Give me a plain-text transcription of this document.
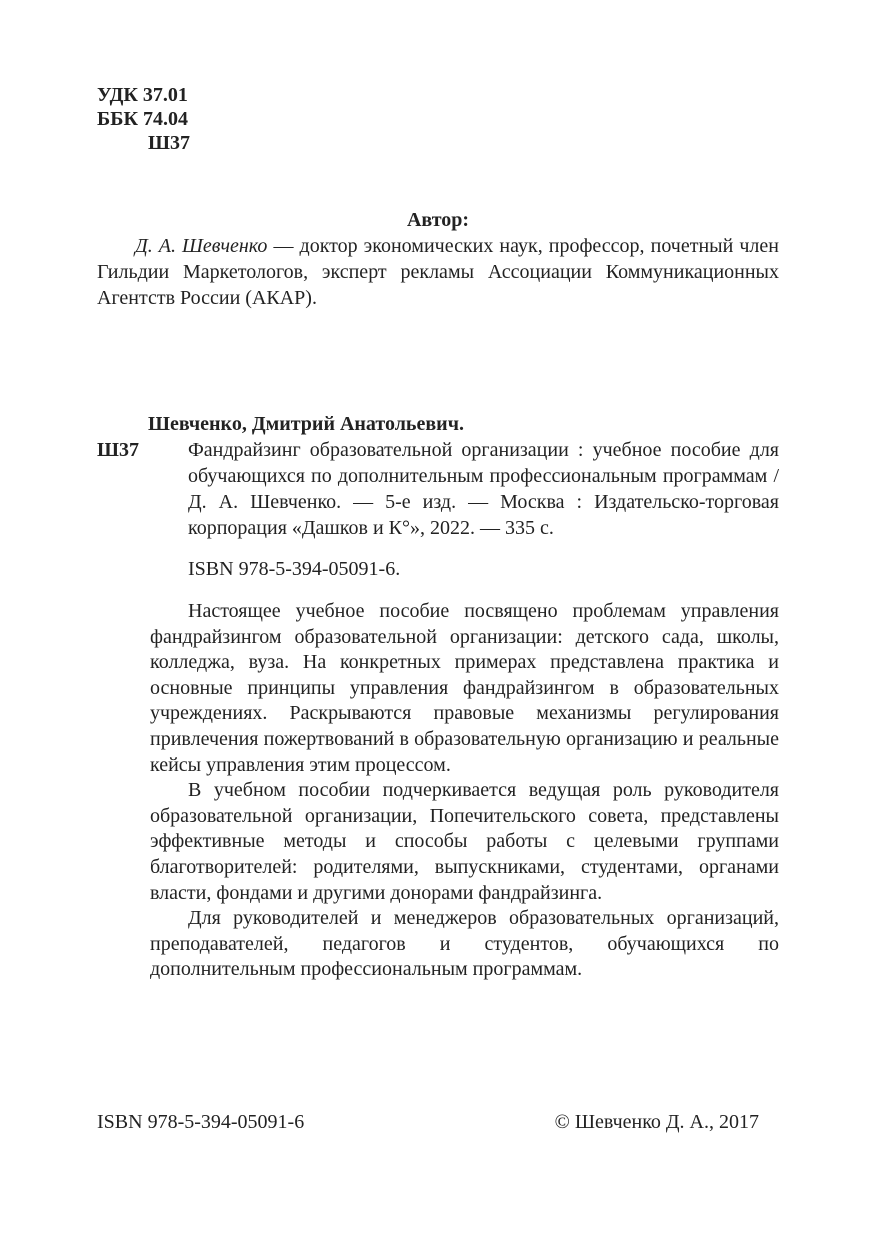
УДК 37.01
ББК 74.04
Ш37
Автор:

Д. А. Шевченко — доктор экономических наук, профессор, почетный член Гильдии Маркетологов, эксперт рекламы Ассоциации Коммуникационных Агентств России (АКАР).

Шевченко, Дмитрий Анатольевич.

Ш37	Фандрайзинг образовательной организации : учебное пособие для обучающихся по дополнительным профессиональным программам / Д. А. Шевченко. — 5-е изд. — Москва : Издательско-торговая корпорация «Дашков и К°», 2022. — 335 с.

ISBN 978-5-394-05091-6.

Настоящее учебное пособие посвящено проблемам управления фандрайзингом образовательной организации: детского сада, школы, колледжа, вуза. На конкретных примерах представлена практика и основные принципы управления фандрайзингом в образовательных учреждениях. Раскрываются правовые механизмы регулирования привлечения пожертвований в образовательную организацию и реальные кейсы управления этим процессом.

В учебном пособии подчеркивается ведущая роль руководителя образовательной организации, Попечительского совета, представлены эффективные методы и способы работы с целевыми группами благотворителей: родителями, выпускниками, студентами, органами власти, фондами и другими донорами фандрайзинга.

Для руководителей и менеджеров образовательных организаций, преподавателей, педагогов и студентов, обучающихся по дополнительным профессиональным программам.

ISBN 978-5-394-05091-6	© Шевченко Д. А., 2017
